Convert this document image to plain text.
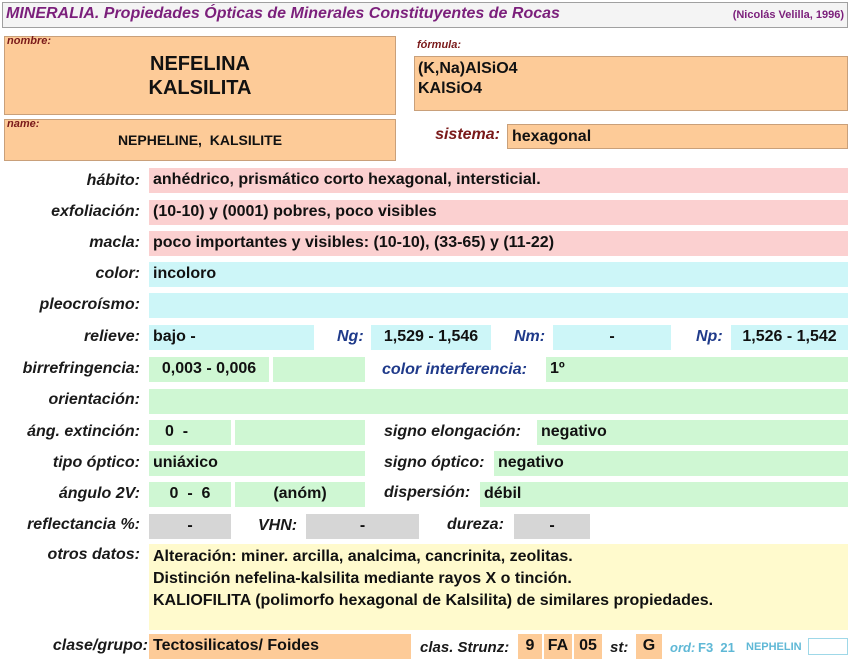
MINERALIA. Propiedades Ópticas de Minerales Constituyentes de Rocas	(Nicolás Velilla, 1996)
nombre:
NEFELINA
KALSILITA
name:
NEPHELINE,  KALSILITE
fórmula:
(K,Na)AlSiO4
KAlSiO4
sistema: hexagonal
hábito: anhédrico, prismático corto hexagonal, intersticial.
exfoliación: (10-10) y (0001) pobres, poco visibles
macla: poco importantes y visibles: (10-10), (33-65) y (11-22)
color: incoloro
pleocroísmo:
relieve: bajo -	Ng:	1,529 - 1,546	Nm:	-	Np:	1,526 - 1,542
birrefringencia:	0,003 - 0,006	color interferencia: 1º
orientación:
áng. extinción:	0  -	signo elongación: negativo
tipo óptico: uniáxico	signo óptico: negativo
ángulo 2V:	0  -  6	(anóm)	dispersión: débil
reflectancia %:	-	VHN:	-	dureza:	-
otros datos: Alteración: miner. arcilla, analcima, cancrinita, zeolitas.
Distinción nefelina-kalsilita mediante rayos X o tinción.
KALIOFILITA (polimorfo hexagonal de Kalsilita) de similares propiedades.
clase/grupo: Tectosilicatos/ Foides	clas. Strunz:	9 FA 05 st: G	ord: F3  21 NEPHELIN
